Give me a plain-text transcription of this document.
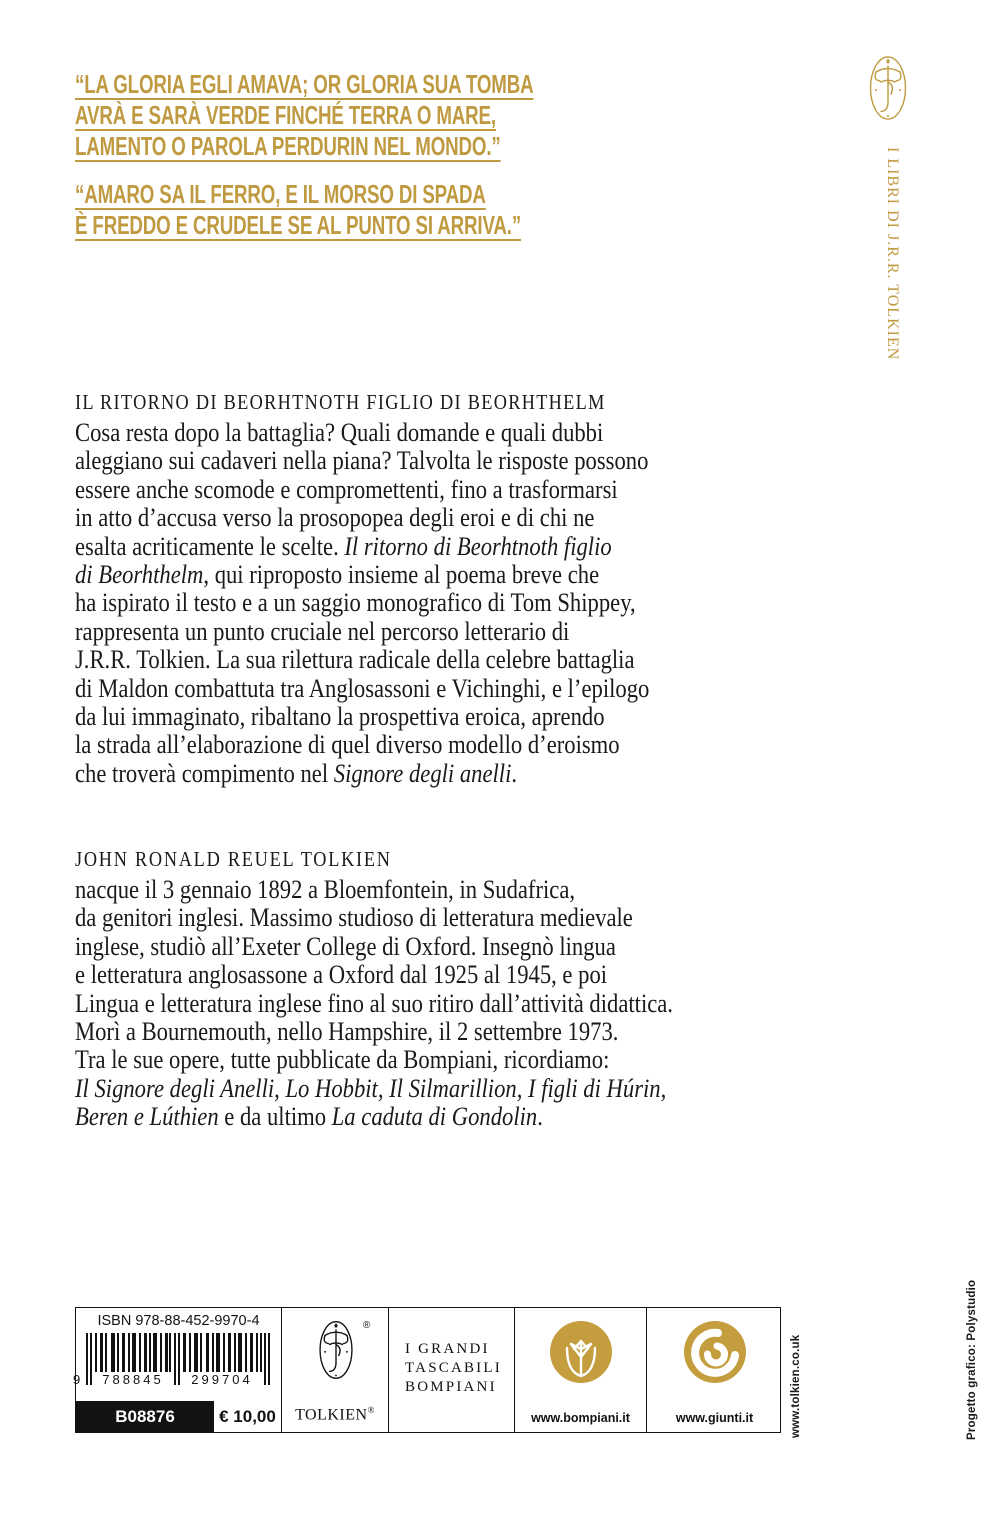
“LA GLORIA EGLI AMAVA; OR GLORIA SUA TOMBA
AVRÀ E SARÀ VERDE FINCHÉ TERRA O MARE,
LAMENTO O PAROLA PERDURIN NEL MONDO.”

“AMARO SA IL FERRO, E IL MORSO DI SPADA
È FREDDO E CRUDELE SE AL PUNTO SI ARRIVA.”	I LIBRI DI J.R.R. TOLKIEN
IL RITORNO DI BEORHTNOTH FIGLIO DI BEORHTHELM
Cosa resta dopo la battaglia? Quali domande e quali dubbi
aleggiano sui cadaveri nella piana? Talvolta le risposte possono
essere anche scomode e compromettenti, fino a trasformarsi
in atto d’accusa verso la prosopopea degli eroi e di chi ne
esalta acriticamente le scelte. Il ritorno di Beorhtnoth figlio
di Beorhthelm, qui riproposto insieme al poema breve che
ha ispirato il testo e a un saggio monografico di Tom Shippey,
rappresenta un punto cruciale nel percorso letterario di
J.R.R. Tolkien. La sua rilettura radicale della celebre battaglia
di Maldon combattuta tra Anglosassoni e Vichinghi, e l’epilogo
da lui immaginato, ribaltano la prospettiva eroica, aprendo
la strada all’elaborazione di quel diverso modello d’eroismo
che troverà compimento nel Signore degli anelli.

JOHN RONALD REUEL TOLKIEN
nacque il 3 gennaio 1892 a Bloemfontein, in Sudafrica,
da genitori inglesi. Massimo studioso di letteratura medievale
inglese, studiò all’Exeter College di Oxford. Insegnò lingua
e letteratura anglosassone a Oxford dal 1925 al 1945, e poi
Lingua e letteratura inglese fino al suo ritiro dall’attività didattica.
Morì a Bournemouth, nello Hampshire, il 2 settembre 1973.
Tra le sue opere, tutte pubblicate da Bompiani, ricordiamo:
Il Signore degli Anelli, Lo Hobbit, Il Silmarillion, I figli di Húrin,
Beren e Lúthien e da ultimo La caduta di Gondolin.

ISBN 978-88-452-9970-4
9	788845	299704
B08876	€ 10,00
®
TOLKIEN®
I GRANDI
TASCABILI
BOMPIANI
www.bompiani.it	www.giunti.it	www.tolkien.co.uk	Progetto grafico: Polystudio
